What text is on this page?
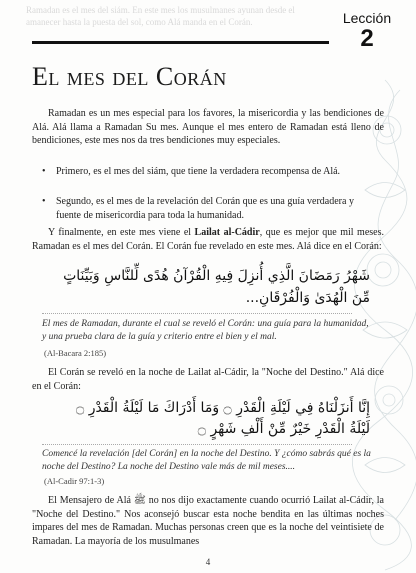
Ramadan es el mes del siám. En este mes los musulmanes ayunan desde el amanecer hasta la puesta del sol, como Alá manda en el Corán.	Lección
2
El mes del Corán
Ramadan es un mes especial para los favores, la misericordia y las bendiciones de Alá. Alá llama a Ramadan Su mes. Aunque el mes entero de Ramadan está lleno de bendiciones, este mes nos da tres bendiciones muy especiales.
• Primero, es el mes del siám, que tiene la verdadera recompensa de Alá.
• Segundo, es el mes de la revelación del Corán que es una guía verdadera y fuente de misericordia para toda la humanidad.
Y finalmente, en este mes viene el Lailat al-Cádir, que es mejor que mil meses. Ramadan es el mes del Corán. El Corán fue revelado en este mes. Alá dice en el Corán:
شَهْرُ رَمَضَانَ الَّذِي أُنزِلَ فِيهِ الْقُرْآنُ هُدًى لِّلنَّاسِ وَبَيِّنَاتٍ
مِّنَ الْهُدَىٰ وَالْفُرْقَانِ...
El mes de Ramadan, durante el cual se reveló el Corán: una guía para la humanidad, y una prueba clara de la guía y criterio entre el bien y el mal.
(Al-Bacara 2:185)
El Corán se reveló en la noche de Lailat al-Cádir, la "Noche del Destino." Alá dice en el Corán:
إِنَّا أَنزَلْنَاهُ فِي لَيْلَةِ الْقَدْرِ ۝ وَمَا أَدْرَاكَ مَا لَيْلَةُ الْقَدْرِ ۝
لَيْلَةُ الْقَدْرِ خَيْرٌ مِّنْ أَلْفِ شَهْرٍ ۝
Comencé la revelación [del Corán] en la noche del Destino. Y ¿cómo sabrás qué es la noche del Destino? La noche del Destino vale más de mil meses....
(Al-Cadir 97:1-3)
El Mensajero de Alá ﷺ no nos dijo exactamente cuando ocurrió Lailat al-Cádir, la "Noche del Destino." Nos aconsejó buscar esta noche bendita en las últimas noches impares del mes de Ramadan. Muchas personas creen que es la noche del veintisiete de Ramadan. La mayoría de los musulmanes
4
